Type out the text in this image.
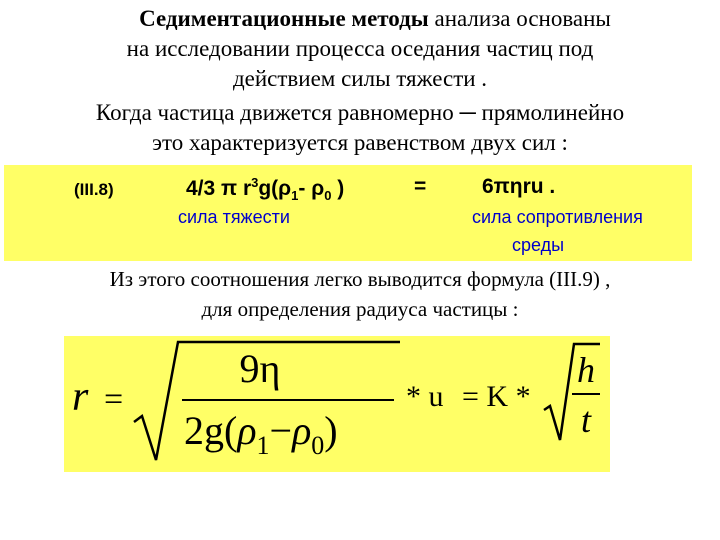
Седиментационные методы анализа основаны
на исследовании процесса оседания частиц под
действием силы тяжести .
Когда частица движется равномерно ─ прямолинейно
это характеризуется равенством двух сил :
(III.8)	4/3 π $r^3g(\rho_1-$ $\rho_0$ )	=	6πηru .
сила тяжести	сила сопротивления
среды
Из этого соотношения легко выводится формула (III.9) ,
для определения радиуса частицы :
r =
9η
$2g(\rho_1-\rho_0)$
* u = K *
h
t
